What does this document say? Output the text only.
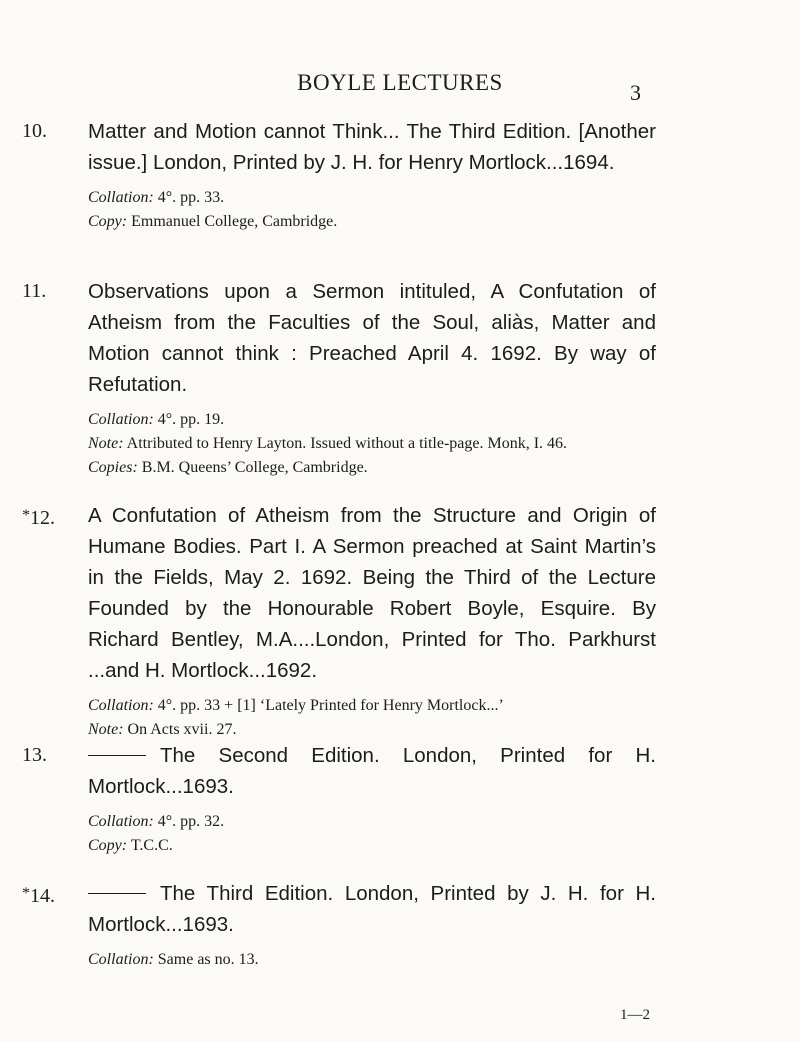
BOYLE LECTURES	3
10.	Matter and Motion cannot Think... The Third Edition. [Another issue.] London, Printed by J. H. for Henry Mortlock...1694.

Collation: 4°. pp. 33.

Copy: Emmanuel College, Cambridge.

11.	Observations upon a Sermon intituled, A Confutation of Atheism from the Faculties of the Soul, aliàs, Matter and Motion cannot think : Preached April 4. 1692. By way of Refutation.

Collation: 4°. pp. 19.

Note: Attributed to Henry Layton. Issued without a title-page. Monk, I. 46.

Copies: B.M. Queens’ College, Cambridge.

*12.	A Confutation of Atheism from the Structure and Origin of Humane Bodies. Part I. A Sermon preached at Saint Martin’s in the Fields, May 2. 1692. Being the Third of the Lecture Founded by the Honourable Robert Boyle, Esquire. By Richard Bentley, M.A....London, Printed for Tho. Parkhurst ...and H. Mortlock...1692.

Collation: 4°. pp. 33 + [1] ‘Lately Printed for Henry Mortlock...’

Note: On Acts xvii. 27.

13.	The Second Edition. London, Printed for H. Mortlock...1693.

Collation: 4°. pp. 32.

Copy: T.C.C.

*14.	The Third Edition. London, Printed by J. H. for H. Mortlock...1693.

Collation: Same as no. 13.

1—2
